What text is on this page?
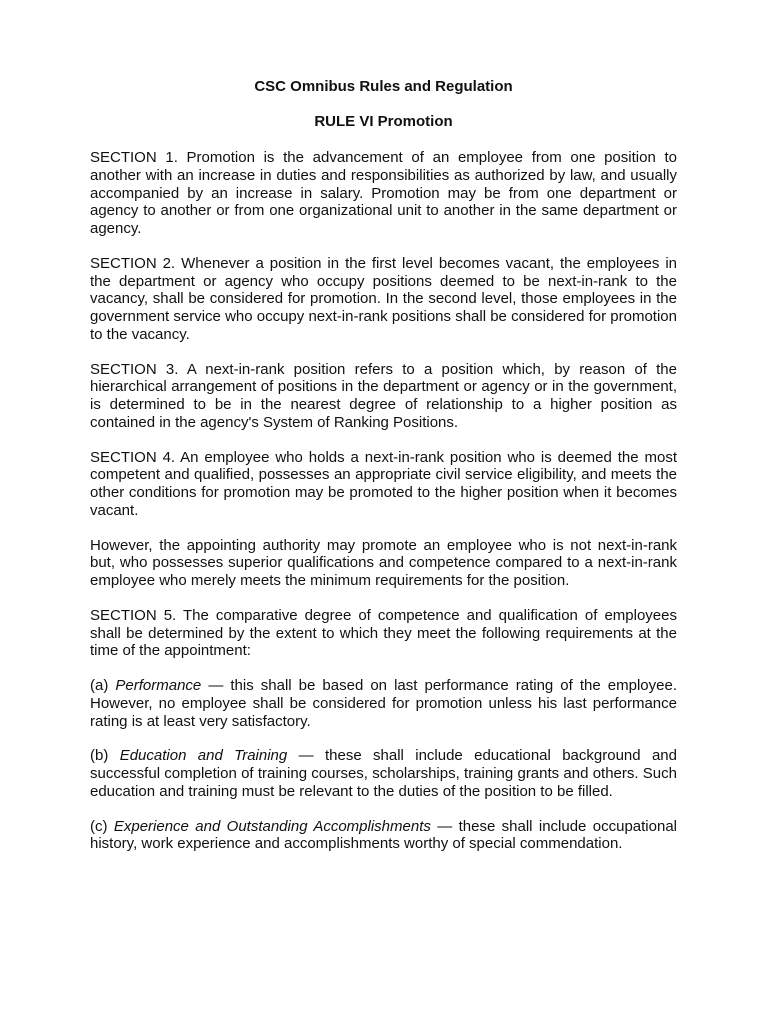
CSC Omnibus Rules and Regulation

RULE VI Promotion

SECTION 1. Promotion is the advancement of an employee from one position to another with an increase in duties and responsibilities as authorized by law, and usually accompanied by an increase in salary. Promotion may be from one department or agency to another or from one organizational unit to another in the same department or agency.

SECTION 2. Whenever a position in the first level becomes vacant, the employees in the department or agency who occupy positions deemed to be next-in-rank to the vacancy, shall be considered for promotion. In the second level, those employees in the government service who occupy next-in-rank positions shall be considered for promotion to the vacancy.

SECTION 3. A next-in-rank position refers to a position which, by reason of the hierarchical arrangement of positions in the department or agency or in the government, is determined to be in the nearest degree of relationship to a higher position as contained in the agency's System of Ranking Positions.

SECTION 4. An employee who holds a next-in-rank position who is deemed the most competent and qualified, possesses an appropriate civil service eligibility, and meets the other conditions for promotion may be promoted to the higher position when it becomes vacant.

However, the appointing authority may promote an employee who is not next-in-rank but, who possesses superior qualifications and competence compared to a next-in-rank employee who merely meets the minimum requirements for the position.

SECTION 5. The comparative degree of competence and qualification of employees shall be determined by the extent to which they meet the following requirements at the time of the appointment:

(a) Performance — this shall be based on last performance rating of the employee. However, no employee shall be considered for promotion unless his last performance rating is at least very satisfactory.

(b) Education and Training — these shall include educational background and successful completion of training courses, scholarships, training grants and others. Such education and training must be relevant to the duties of the position to be filled.

(c) Experience and Outstanding Accomplishments — these shall include occupational history, work experience and accomplishments worthy of special commendation.
